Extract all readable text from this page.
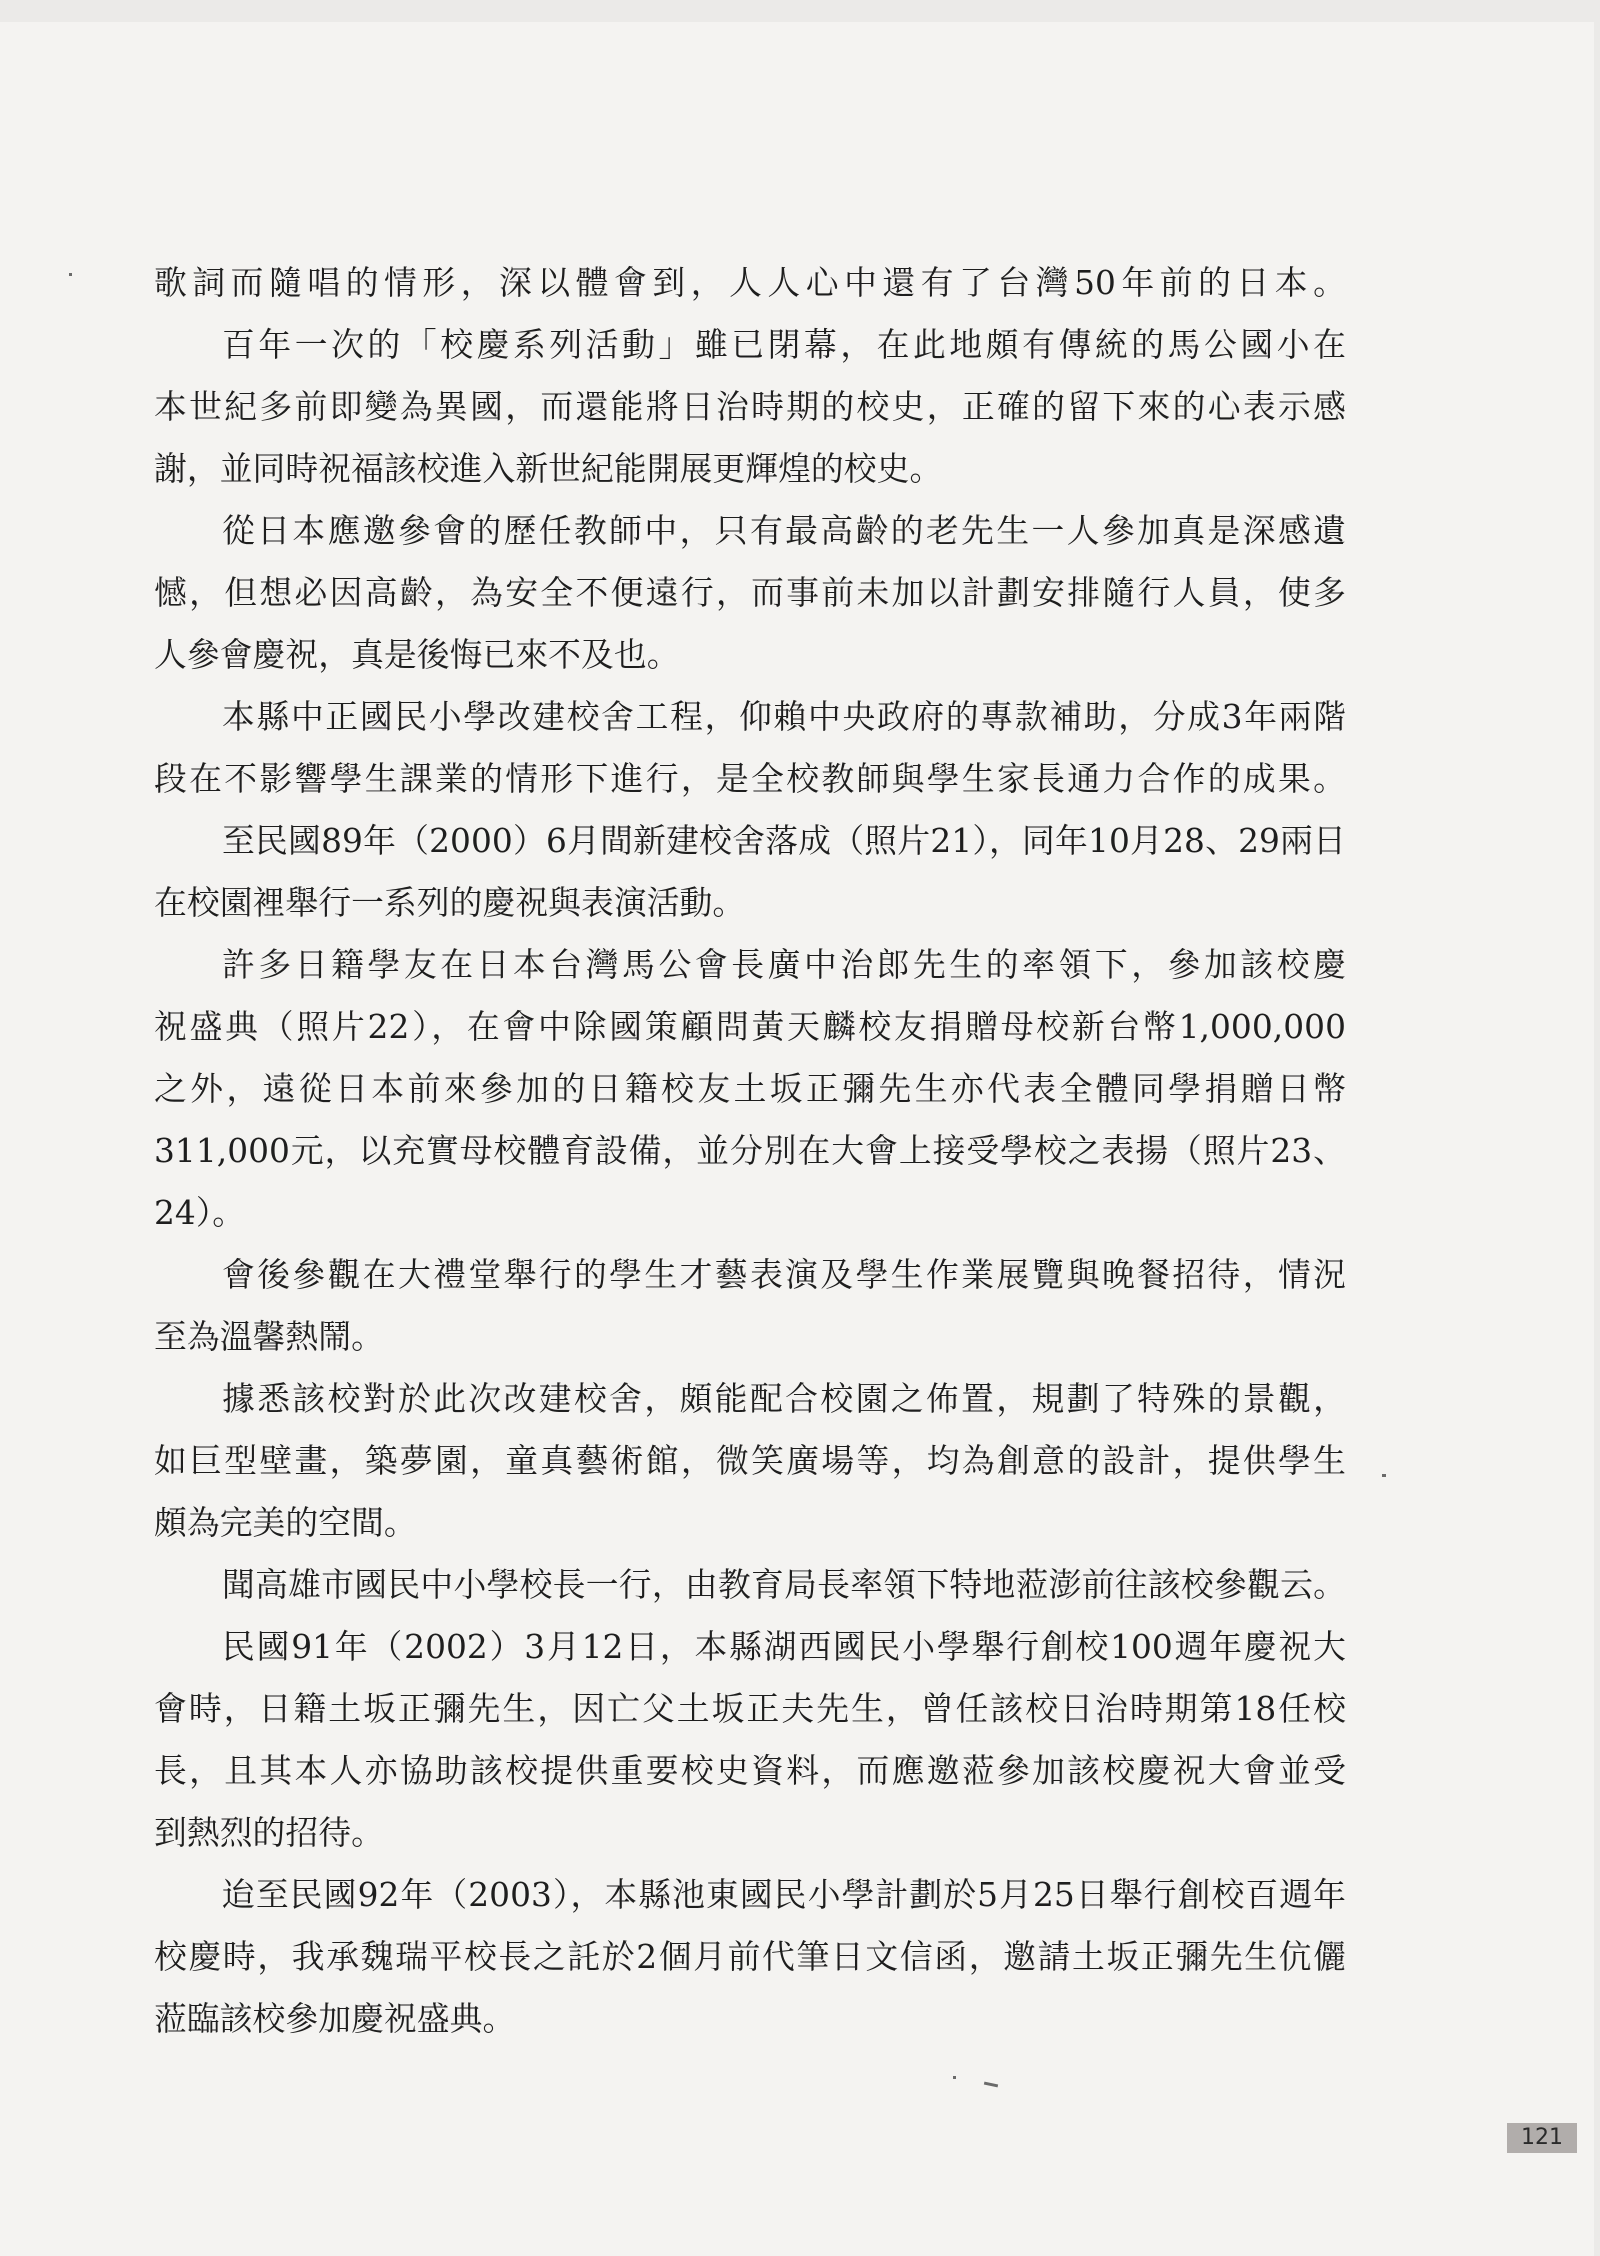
歌詞而隨唱的情形，深以體會到，人人心中還有了台灣50年前的日本。
百年一次的「校慶系列活動」雖已閉幕，在此地頗有傳統的馬公國小在
本世紀多前即變為異國，而還能將日治時期的校史，正確的留下來的心表示感
謝，並同時祝福該校進入新世紀能開展更輝煌的校史。
從日本應邀參會的歷任教師中，只有最高齡的老先生一人參加真是深感遺
憾，但想必因高齡，為安全不便遠行，而事前未加以計劃安排隨行人員，使多
人參會慶祝，真是後悔已來不及也。
本縣中正國民小學改建校舍工程，仰賴中央政府的專款補助，分成3年兩階
段在不影響學生課業的情形下進行，是全校教師與學生家長通力合作的成果。
至民國89年（2000）6月間新建校舍落成（照片21），同年10月28、29兩日
在校園裡舉行一系列的慶祝與表演活動。
許多日籍學友在日本台灣馬公會長廣中治郎先生的率領下，參加該校慶
祝盛典（照片22），在會中除國策顧問黃天麟校友捐贈母校新台幣1,000,000
之外，遠從日本前來參加的日籍校友土坂正彌先生亦代表全體同學捐贈日幣
311,000元，以充實母校體育設備，並分別在大會上接受學校之表揚（照片23、
24）。
會後參觀在大禮堂舉行的學生才藝表演及學生作業展覽與晚餐招待，情況
至為溫馨熱鬧。
據悉該校對於此次改建校舍，頗能配合校園之佈置，規劃了特殊的景觀，
如巨型壁畫，築夢園，童真藝術館，微笑廣場等，均為創意的設計，提供學生
頗為完美的空間。
聞高雄市國民中小學校長一行，由教育局長率領下特地蒞澎前往該校參觀云。
民國91年（2002）3月12日，本縣湖西國民小學舉行創校100週年慶祝大
會時，日籍土坂正彌先生，因亡父土坂正夫先生，曾任該校日治時期第18任校
長，且其本人亦協助該校提供重要校史資料，而應邀蒞參加該校慶祝大會並受
到熱烈的招待。
迨至民國92年（2003），本縣池東國民小學計劃於5月25日舉行創校百週年
校慶時，我承魏瑞平校長之託於2個月前代筆日文信函，邀請土坂正彌先生伉儷
蒞臨該校參加慶祝盛典。
121
